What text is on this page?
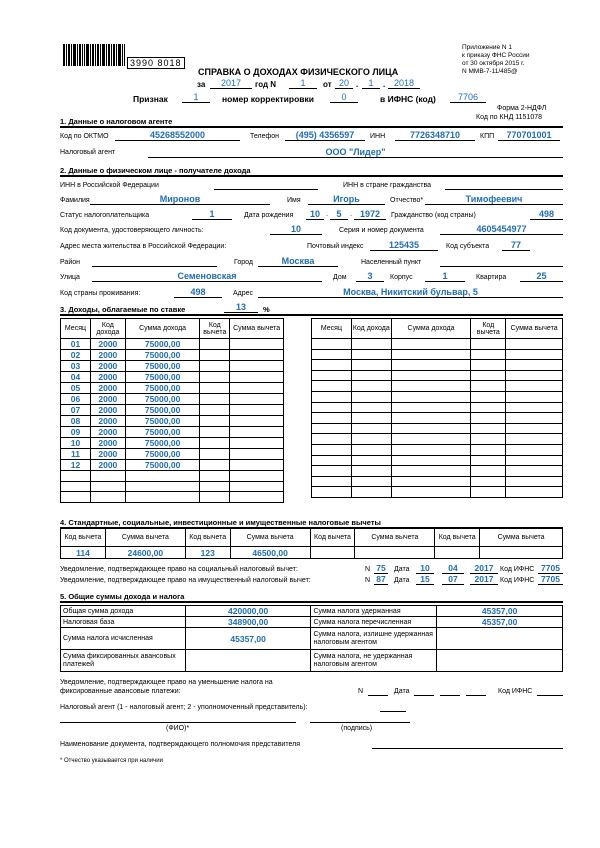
3990 8018
Приложение N 1
к приказу ФНС России
от 30 октября 2015 г.
N ММВ-7-11/485@
СПРАВКА О ДОХОДАХ ФИЗИЧЕСКОГО ЛИЦА
за	2017	год N	1	от 20	1	2018
.	.
Признак	1	номер корректировки	0	в ИФНС (код)	7706
Форма 2-НДФЛ
Код по КНД 1151078
1. Данные о налоговом агенте
Код по ОКТМО	45268552000	Телефон	(495) 4356597	ИНН	7726348710	КПП	770701001
Налоговый агент	ООО "Лидер"
2. Данные о физическом лице - получателе дохода
ИНН в Российской Федерации	ИНН в стране гражданства
Фамилия	Миронов	Имя	Игорь	Отчество*	Тимофеевич
Статус налогоплательщика	1	Дата рождения	10	5	1972
.	.	Гражданство (код страны)	498
Код документа, удостоверяющего личность:	10	Серия и номер документа	4605454977
Адрес места жительства в Российской Федерации:	Почтовый индекс	125435	Код субъекта	77
Район	Город	Москва	Населенный пункт
Улица	Семеновская	Дом	3	Корпус	1	Квартира	25
Код страны проживания:	498	Адрес	Москва, Никитский бульвар, 5
3. Доходы, облагаемые по ставке	13	%
Месяц	Код дохода	Сумма дохода	Код вычета	Сумма вычета
01	2000	75000,00		
02	2000	75000,00		
03	2000	75000,00		
04	2000	75000,00		
05	2000	75000,00		
06	2000	75000,00		
07	2000	75000,00		
08	2000	75000,00		
09	2000	75000,00		
10	2000	75000,00		
11	2000	75000,00		
12	2000	75000,00		

Месяц	Код дохода	Сумма дохода	Код вычета	Сумма вычета

4. Стандартные, социальные, инвестиционные и имущественные налоговые вычеты
Код вычета	Сумма вычета	Код вычета	Сумма вычета	Код вычета	Сумма вычета	Код вычета	Сумма вычета
114	24600,00	123	46500,00				
Уведомление, подтверждающее право на социальный налоговый вычет:	N 75	Дата	10	04	2017 Код ИФНС 7705
Уведомление, подтверждающее право на имущественный налоговый вычет:	N 87	Дата	15	07	2017 Код ИФНС 7705
5. Общие суммы дохода и налога
Общая сумма дохода	420000,00	Сумма налога удержанная	45357,00
Налоговая база	348900,00	Сумма налога перечисленная	45357,00
Сумма налога исчисленная	45357,00	Сумма налога, излишне удержанная налоговым агентом	
Сумма фиксированных авансовых платежей		Сумма налога, не удержанная налоговым агентом	
Уведомление, подтверждающее право на уменьшение налога на
фиксированные авансовые платежи:	N	Дата	Код ИФНС
Налоговый агент (1 - налоговый агент; 2 - уполномоченный представитель):
(ФИО)*	(подпись)
Наименование документа, подтверждающего полномочия представителя
* Отчество указывается при наличии
